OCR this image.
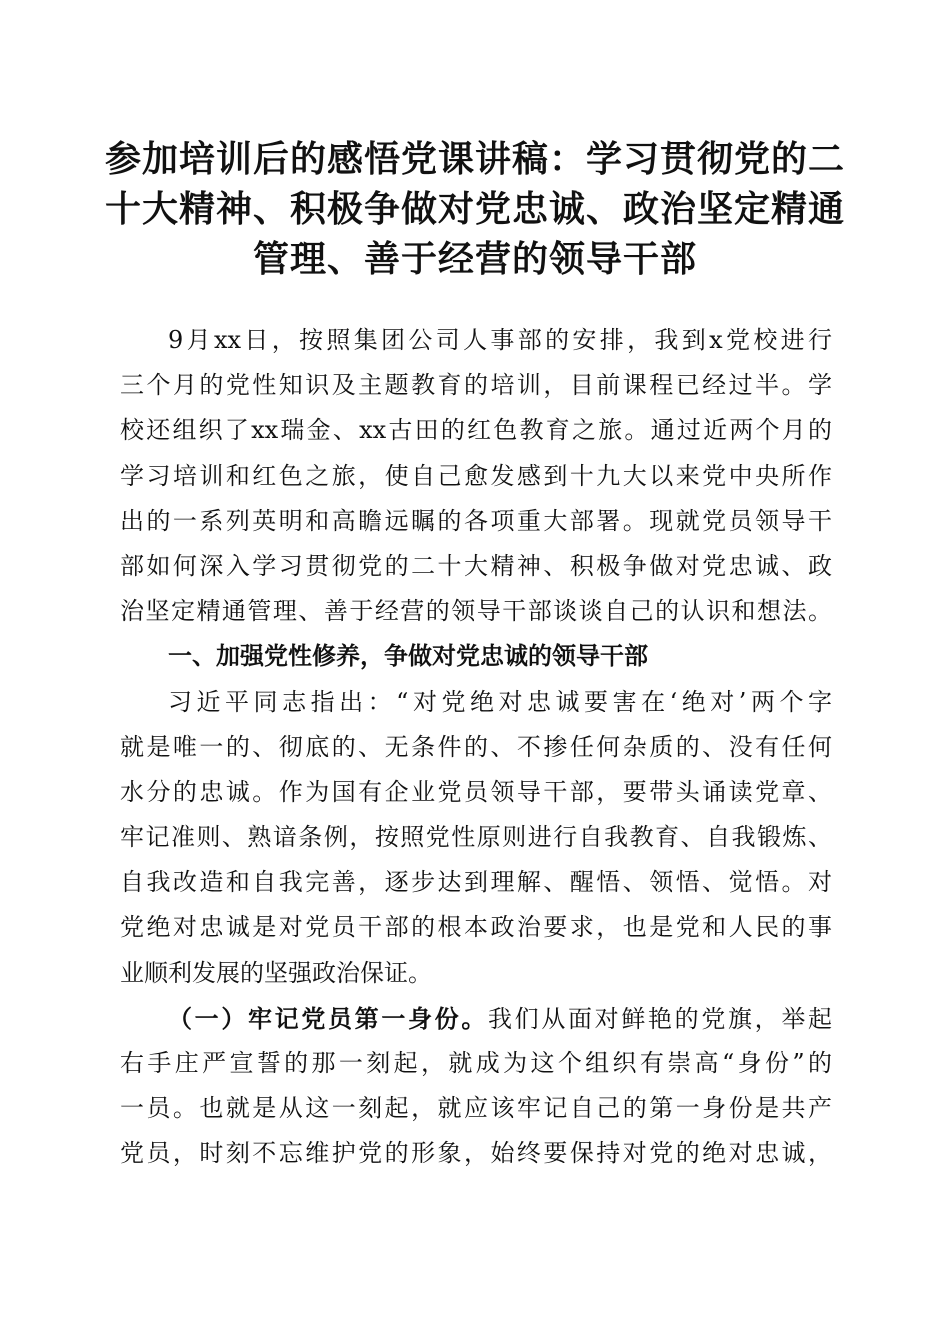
参加培训后的感悟党课讲稿：学习贯彻党的二
十大精神、积极争做对党忠诚、政治坚定精通
管理、善于经营的领导干部
9月xx日，按照集团公司人事部的安排，我到x党校进行
三个月的党性知识及主题教育的培训，目前课程已经过半。学
校还组织了xx瑞金、xx古田的红色教育之旅。通过近两个月的
学习培训和红色之旅，使自己愈发感到十九大以来党中央所作
出的一系列英明和高瞻远瞩的各项重大部署。现就党员领导干
部如何深入学习贯彻党的二十大精神、积极争做对党忠诚、政
治坚定精通管理、善于经营的领导干部谈谈自己的认识和想法。
一、加强党性修养，争做对党忠诚的领导干部
习近平同志指出：“对党绝对忠诚要害在‘绝对’两个字
就是唯一的、彻底的、无条件的、不掺任何杂质的、没有任何
水分的忠诚。作为国有企业党员领导干部，要带头诵读党章、
牢记准则、熟谙条例，按照党性原则进行自我教育、自我锻炼、
自我改造和自我完善，逐步达到理解、醒悟、领悟、觉悟。对
党绝对忠诚是对党员干部的根本政治要求，也是党和人民的事
业顺利发展的坚强政治保证。
（一）牢记党员第一身份。我们从面对鲜艳的党旗，举起
右手庄严宣誓的那一刻起，就成为这个组织有崇高“身份”的
一员。也就是从这一刻起，就应该牢记自己的第一身份是共产
党员，时刻不忘维护党的形象，始终要保持对党的绝对忠诚，
